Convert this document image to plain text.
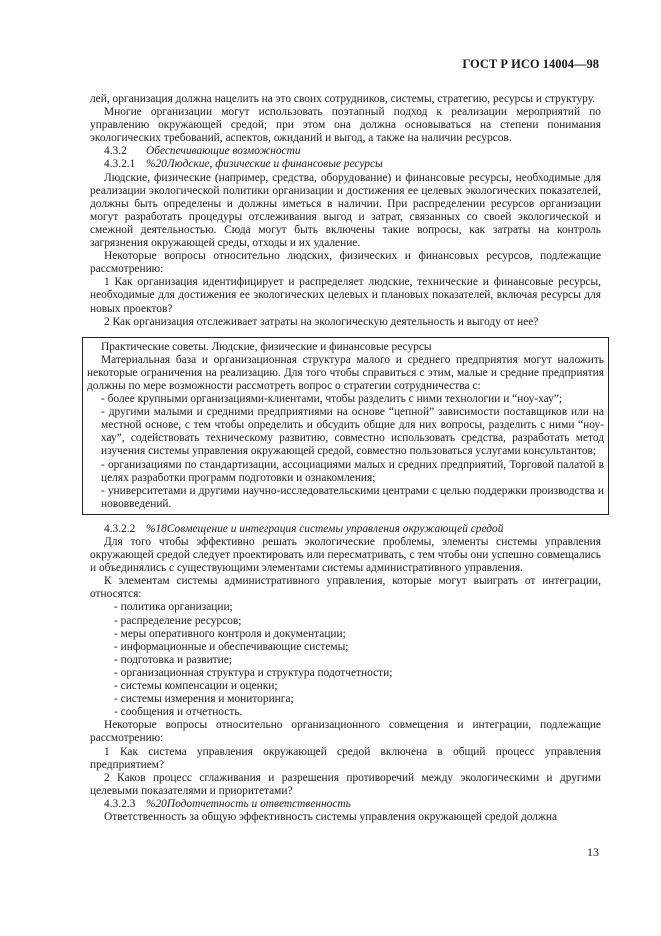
ГОСТ Р ИСО 14004—98

лей, организация должна нацелить на это своих сотрудников, системы, стратегию, ресурсы и структуру.

Многие организации могут использовать поэтапный подход к реализации мероприятий по управлению окружающей средой; при этом она должна основываться на степени понимания экологических требований, аспектов, ожиданий и выгод, а также на наличии ресурсов.

4.3.2 Обеспечивающие возможности

4.3.2.1 %20Людские, физические и финансовые ресурсы

Людские, физические (например, средства, оборудование) и финансовые ресурсы, необходимые для реализации экологической политики организации и достижения ее целевых экологических показателей, должны быть определены и должны иметься в наличии. При распределении ресурсов организации могут разработать процедуры отслеживания выгод и затрат, связанных со своей экологической и смежной деятельностью. Сюда могут быть включены такие вопросы, как затраты на контроль загрязнения окружающей среды, отходы и их удаление.

Некоторые вопросы относительно людских, физических и финансовых ресурсов, подлежащие рассмотрению:

1 Как организация идентифицирует и распределяет людские, технические и финансовые ресурсы, необходимые для достижения ее экологических целевых и плановых показателей, включая ресурсы для новых проектов?

2 Как организация отслеживает затраты на экологическую деятельность и выгоду от нее?

Практические советы. Людские, физические и финансовые ресурсы

Материальная база и организационная структура малого и среднего предприятия могут наложить некоторые ограничения на реализацию. Для того чтобы справиться с этим, малые и средние предприятия должны по мере возможности рассмотреть вопрос о стратегии сотрудничества с:

- более крупными организациями-клиентами, чтобы разделить с ними технологии и “ноу-хау”;

- другими малыми и средними предприятиями на основе “цепной” зависимости поставщиков или на местной основе, с тем чтобы определить и обсудить общие для них вопросы, разделить с ними “ноу-хау”, содействовать техническому развитию, совместно использовать средства, разработать метод изучения системы управления окружающей средой, совместно пользоваться услугами консультантов;

- организациями по стандартизации, ассоциациями малых и средних предприятий, Торговой палатой в целях разработки программ подготовки и ознакомления;

- университетами и другими научно-исследовательскими центрами с целью поддержки производства и нововведений.

4.3.2.2 %18Совмещение и интеграция системы управления окружающей средой

Для того чтобы эффективно решать экологические проблемы, элементы системы управления окружающей средой следует проектировать или пересматривать, с тем чтобы они успешно совмещались и объединялись с существующими элементами системы административного управления.

К элементам системы административного управления, которые могут выиграть от интеграции, относятся:

- политика организации;

- распределение ресурсов;

- меры оперативного контроля и документации;

- информационные и обеспечивающие системы;

- подготовка и развитие;

- организационная структура и структура подотчетности;

- системы компенсации и оценки;

- системы измерения и мониторинга;

- сообщения и отчетность.

Некоторые вопросы относительно организационного совмещения и интеграции, подлежащие рассмотрению:

1 Как система управления окружающей средой включена в общий процесс управления предприятием?

2 Каков процесс сглаживания и разрешения противоречий между экологическими и другими целевыми показателями и приоритетами?

4.3.2.3 %20Подотчетность и ответственность

Ответственность за общую эффективность системы управления окружающей средой должна

13
